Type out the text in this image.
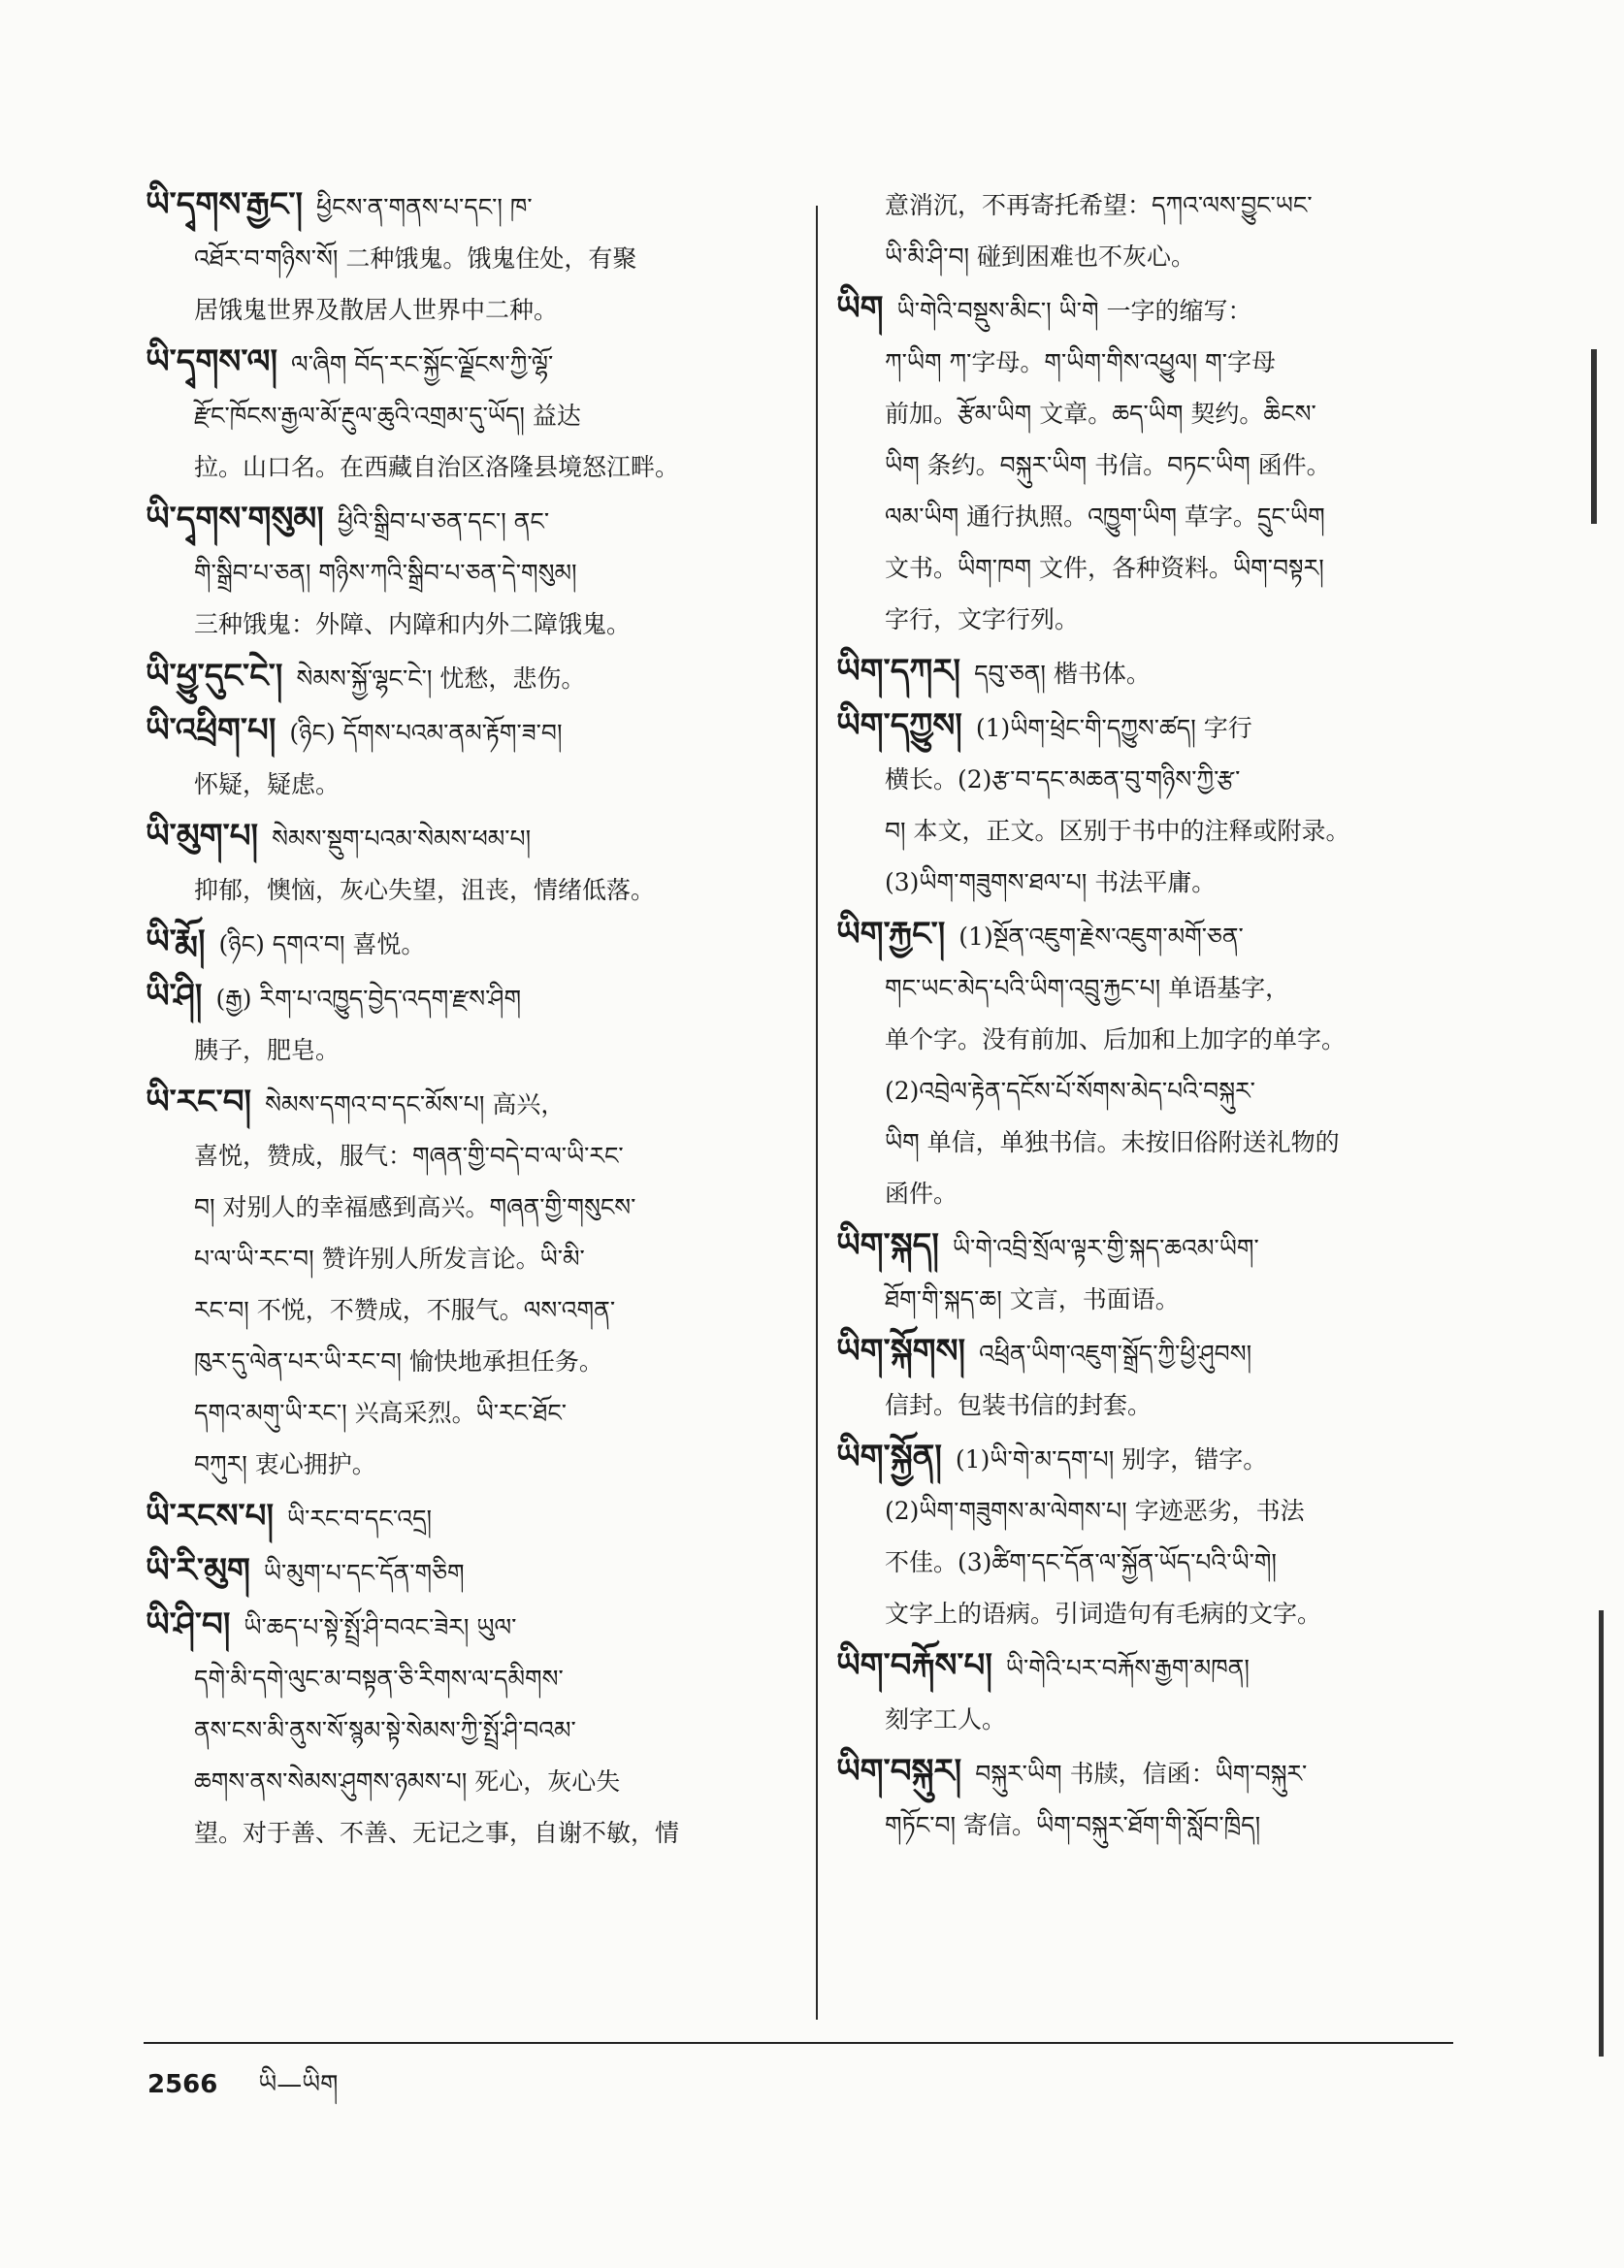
ཡི་དྭགས་རྒྱང་། ཕྱིངས་ན་གནས་པ་དང་། ཁ་

འཐོར་བ་གཉིས་སོ། 二种饿鬼。饿鬼住处，有聚
居饿鬼世界及散居人世界中二种。
ཡི་དྭགས་ལ། ལ་ཞིག བོད་རང་སྐྱོང་ལྗོངས་ཀྱི་ལྷོ་

རྫོང་ཁོངས་རྒྱལ་མོ་རྔུལ་ཆུའི་འགྲམ་དུ་ཡོད། 益达
拉。山口名。在西藏自治区洛隆县境怒江畔。
ཡི་དྭགས་གསུམ། ཕྱིའི་སྒྲིབ་པ་ཅན་དང་། ནང་

གི་སྒྲིབ་པ་ཅན། གཉིས་ཀའི་སྒྲིབ་པ་ཅན་དེ་གསུམ།
三种饿鬼：外障、内障和内外二障饿鬼。
ཡི་ཕྱུ་དུང་ངེ་། སེམས་སྐྱོ་ལྷང་ངེ་། 忧愁，悲伤。

ཡི་འཕྲིག་པ། (ཉིང) དོགས་པའམ་ནམ་རྟོག་ཟ་བ།

怀疑，疑虑。
ཡི་མུག་པ། སེམས་སྡུག་པའམ་སེམས་ཕམ་པ།

抑郁，懊恼，灰心失望，沮丧，情绪低落。
ཡི་རྨོ། (ཉིང) དགའ་བ། 喜悦。

ཡི་ཤི། (རྒྱ) རིག་པ་འཁྱུད་བྱེད་འདག་རྫས་ཤིག

胰子，肥皂。
ཡི་རང་བ། སེམས་དགའ་བ་དང་མོས་པ། 高兴，

喜悦，赞成，服气：གཞན་གྱི་བདེ་བ་ལ་ཡི་རང་
བ། 对别人的幸福感到高兴。གཞན་གྱི་གསུངས་
པ་ལ་ཡི་རང་བ། 赞许别人所发言论。ཡི་མི་
རང་བ། 不悦，不赞成，不服气。ལས་འགན་
ཁུར་དུ་ལེན་པར་ཡི་རང་བ། 愉快地承担任务。
དགའ་མགུ་ཡི་རང་། 兴高采烈。ཡི་རང་ཐོང་
བཀུར། 衷心拥护。
ཡི་རངས་པ། ཡི་རང་བ་དང་འདྲ།

ཡི་རི་མུག ཡི་མུག་པ་དང་དོན་གཅིག

ཡི་ཤི་བ། ཡི་ཆད་པ་སྟེ་སྤྲོ་ཤི་བའང་ཟེར། ཡུལ་

དགེ་མི་དགེ་ལུང་མ་བསྟན་ཅི་རིགས་ལ་དམིགས་
ནས་ངས་མི་ནུས་སོ་སྙམ་སྟེ་སེམས་ཀྱི་སྤྲོ་ཤི་བའམ་
ཆགས་ནས་སེམས་ཤུགས་ཉམས་པ། 死心，灰心失
望。对于善、不善、无记之事，自谢不敏，情
意消沉，不再寄托希望：དཀའ་ལས་བྱུང་ཡང་
ཡི་མི་ཤི་བ། 碰到困难也不灰心。
ཡིག ཡི་གེའི་བསྡུས་མིང་། ཡི་གེ 一字的缩写：

ཀ་ཡིག ཀ་字母。ག་ཡིག་གིས་འཕྱུལ། ག་字母
前加。རྩོམ་ཡིག 文章。ཆད་ཡིག 契约。ཆིངས་
ཡིག 条约。བསྐུར་ཡིག 书信。བཏང་ཡིག 函件。
ལམ་ཡིག 通行执照。འཁྱུག་ཡིག 草字。དྲུང་ཡིག
文书。ཡིག་ཁག 文件，各种资料。ཡིག་བསྟར།
字行，文字行列。
ཡིག་དཀར། དབུ་ཅན། 楷书体。

ཡིག་དཀྱུས། (1)ཡིག་ཕྲེང་གི་དཀྱུས་ཚད། 字行

横长。(2)རྩ་བ་དང་མཆན་བུ་གཉིས་ཀྱི་རྩ་
བ། 本文，正文。区别于书中的注释或附录。
(3)ཡིག་གཟུགས་ཐལ་པ། 书法平庸。
ཡིག་རྐྱང་། (1)སྔོན་འཇུག་རྗེས་འཇུག་མགོ་ཅན་

གང་ཡང་མེད་པའི་ཡིག་འབྲུ་རྐྱང་པ། 单语基字，
单个字。没有前加、后加和上加字的单字。
(2)འབྲེལ་རྟེན་དངོས་པོ་སོགས་མེད་པའི་བསྐུར་
ཡིག 单信，单独书信。未按旧俗附送礼物的
函件。
ཡིག་སྐད། ཡི་གེ་འབྲི་སྲོལ་ལྟར་གྱི་སྐད་ཆའམ་ཡིག་

ཐོག་གི་སྐད་ཆ། 文言，书面语。
ཡིག་སྐོགས། འཕྲིན་ཡིག་འཇུག་སྒྲོད་ཀྱི་ཕྱི་ཤུབས།

信封。包装书信的封套。
ཡིག་སྐྱོན། (1)ཡི་གེ་མ་དག་པ། 别字，错字。

(2)ཡིག་གཟུགས་མ་ལེགས་པ། 字迹恶劣，书法
不佳。(3)ཚིག་དང་དོན་ལ་སྐྱོན་ཡོད་པའི་ཡི་གེ།
文字上的语病。引词造句有毛病的文字。
ཡིག་བརྐོས་པ། ཡི་གེའི་པར་བརྐོས་རྒྱག་མཁན།

刻字工人。
ཡིག་བསྐུར། བསྐུར་ཡིག 书牍，信函：ཡིག་བསྐུར་

གཏོང་བ། 寄信。ཡིག་བསྐུར་ཐོག་གི་སློབ་ཁྲིད།
2566 ཡི—ཡིག
